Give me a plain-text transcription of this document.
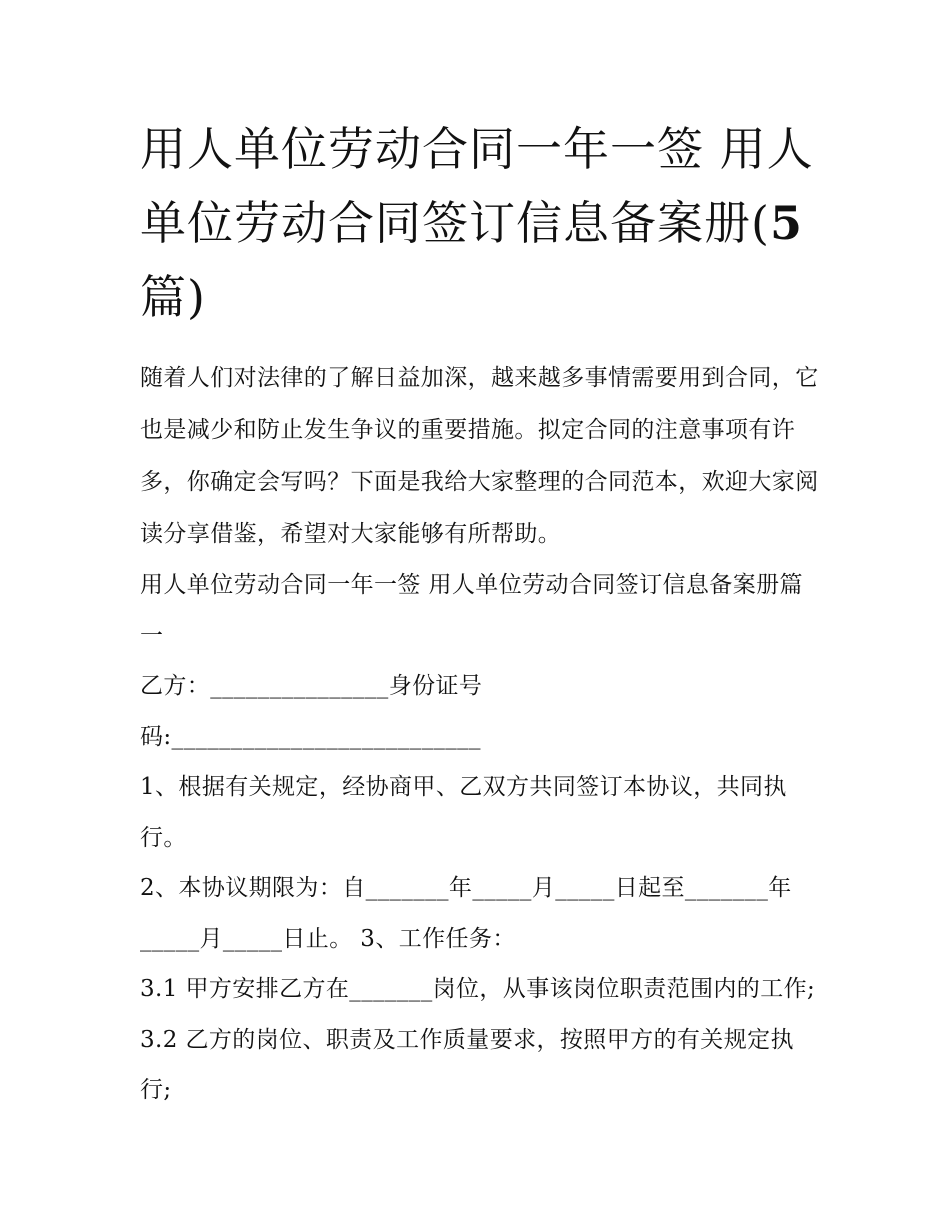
用人单位劳动合同一年一签 用人单位劳动合同签订信息备案册(5 篇)

随着人们对法律的了解日益加深，越来越多事情需要用到合同，它也是减少和防止发生争议的重要措施。拟定合同的注意事项有许多，你确定会写吗？下面是我给大家整理的合同范本，欢迎大家阅读分享借鉴，希望对大家能够有所帮助。

用人单位劳动合同一年一签 用人单位劳动合同签订信息备案册篇一

乙方：_______________身份证号码:__________________________

1、根据有关规定，经协商甲、乙双方共同签订本协议，共同执行。

2、本协议期限为：自_______年_____月_____日起至_______年_____月_____日止。 3、工作任务：

3.1 甲方安排乙方在_______岗位，从事该岗位职责范围内的工作; 3.2 乙方的岗位、职责及工作质量要求，按照甲方的有关规定执行;
